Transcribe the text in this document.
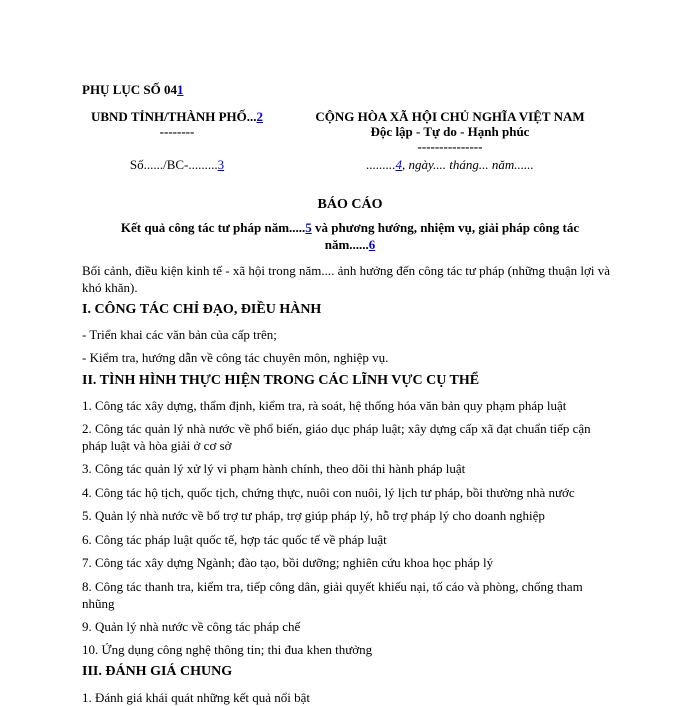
PHỤ LỤC SỐ 041
UBND TỈNH/THÀNH PHỐ...2
--------
CỘNG HÒA XÃ HỘI CHỦ NGHĨA VIỆT NAM
Độc lập - Tự do - Hạnh phúc
---------------
Số....../BC-.........3	.........4, ngày.... tháng... năm......
BÁO CÁO
Kết quả công tác tư pháp năm.....5 và phương hướng, nhiệm vụ, giải pháp công tác
năm......6
Bối cảnh, điều kiện kinh tế - xã hội trong năm.... ảnh hưởng đến công tác tư pháp (những thuận lợi và khó khăn).
I. CÔNG TÁC CHỈ ĐẠO, ĐIỀU HÀNH
- Triển khai các văn bản của cấp trên;
- Kiểm tra, hướng dẫn về công tác chuyên môn, nghiệp vụ.
II. TÌNH HÌNH THỰC HIỆN TRONG CÁC LĨNH VỰC CỤ THỂ
1. Công tác xây dựng, thẩm định, kiểm tra, rà soát, hệ thống hóa văn bản quy phạm pháp luật
2. Công tác quản lý nhà nước về phổ biến, giáo dục pháp luật; xây dựng cấp xã đạt chuẩn tiếp cận pháp luật và hòa giải ở cơ sở
3. Công tác quản lý xử lý vi phạm hành chính, theo dõi thi hành pháp luật
4. Công tác hộ tịch, quốc tịch, chứng thực, nuôi con nuôi, lý lịch tư pháp, bồi thường nhà nước
5. Quản lý nhà nước về bổ trợ tư pháp, trợ giúp pháp lý, hỗ trợ pháp lý cho doanh nghiệp
6. Công tác pháp luật quốc tế, hợp tác quốc tế về pháp luật
7. Công tác xây dựng Ngành; đào tạo, bồi dưỡng; nghiên cứu khoa học pháp lý
8. Công tác thanh tra, kiểm tra, tiếp công dân, giải quyết khiếu nại, tố cáo và phòng, chống tham nhũng
9. Quản lý nhà nước về công tác pháp chế
10. Ứng dụng công nghệ thông tin; thi đua khen thưởng
III. ĐÁNH GIÁ CHUNG
1. Đánh giá khái quát những kết quả nổi bật
